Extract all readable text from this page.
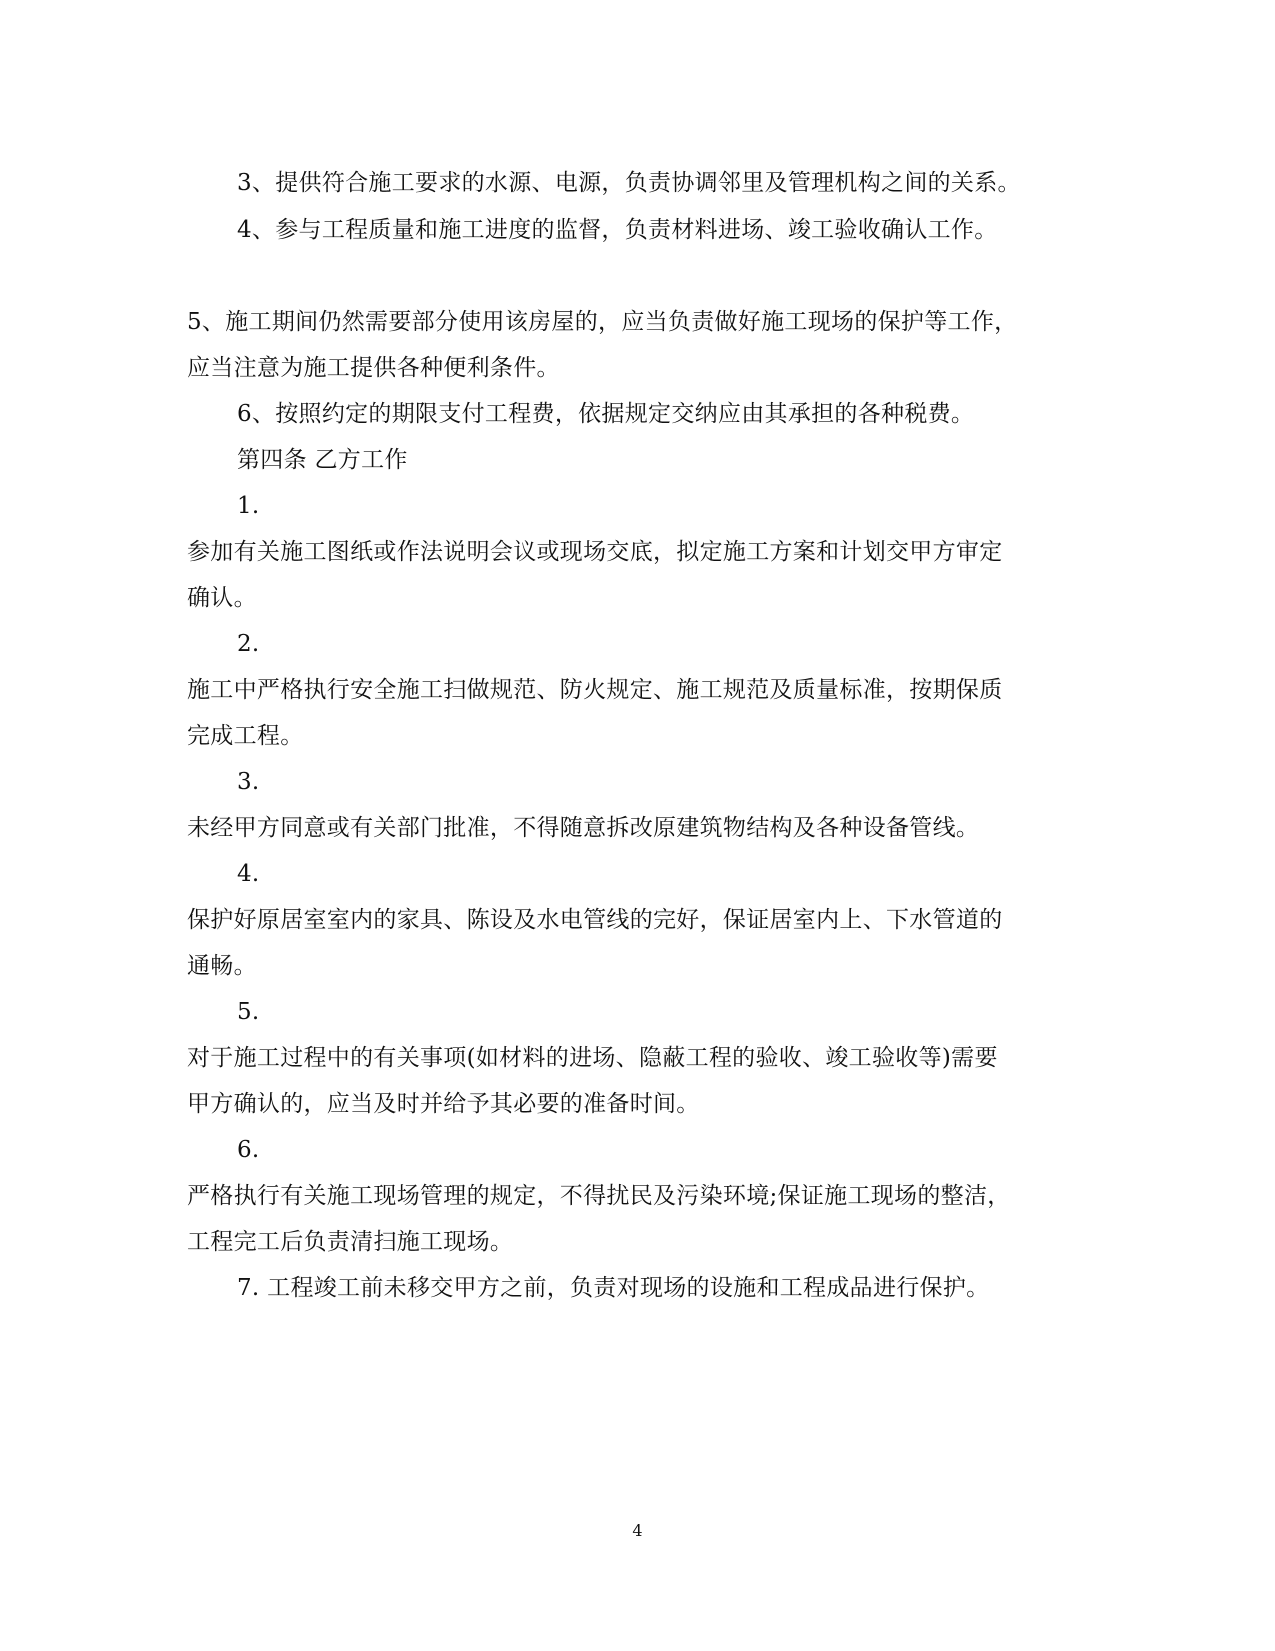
3、提供符合施工要求的水源、电源，负责协调邻里及管理机构之间的关系。
4、参与工程质量和施工进度的监督，负责材料进场、竣工验收确认工作。
5、施工期间仍然需要部分使用该房屋的，应当负责做好施工现场的保护等工作，
应当注意为施工提供各种便利条件。
6、按照约定的期限支付工程费，依据规定交纳应由其承担的各种税费。
第四条 乙方工作
1.
参加有关施工图纸或作法说明会议或现场交底，拟定施工方案和计划交甲方审定
确认。
2.
施工中严格执行安全施工扫做规范、防火规定、施工规范及质量标准，按期保质
完成工程。
3.
未经甲方同意或有关部门批准，不得随意拆改原建筑物结构及各种设备管线。
4.
保护好原居室室内的家具、陈设及水电管线的完好，保证居室内上、下水管道的
通畅。
5.
对于施工过程中的有关事项(如材料的进场、隐蔽工程的验收、竣工验收等)需要
甲方确认的，应当及时并给予其必要的准备时间。
6.
严格执行有关施工现场管理的规定，不得扰民及污染环境;保证施工现场的整洁，
工程完工后负责清扫施工现场。
7. 工程竣工前未移交甲方之前，负责对现场的设施和工程成品进行保护。
4
